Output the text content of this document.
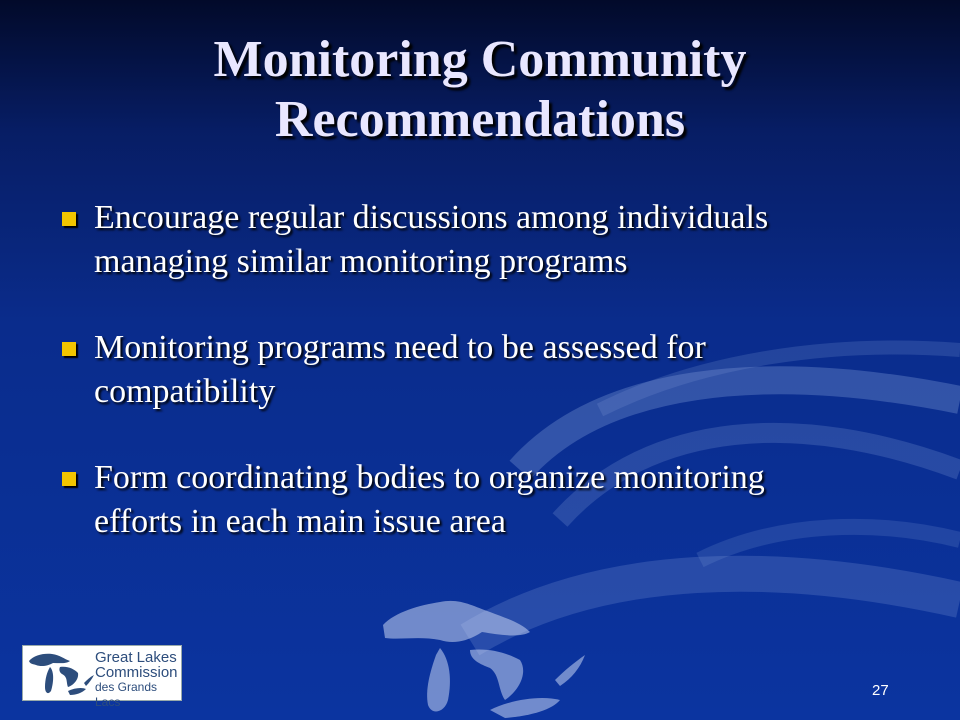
Monitoring Community
Recommendations
Encourage regular discussions among individuals
managing similar monitoring programs
Monitoring programs need to be assessed for
compatibility
Form coordinating bodies to organize monitoring
efforts in each main issue area
Great Lakes
Commission
des Grands Lacs
27
